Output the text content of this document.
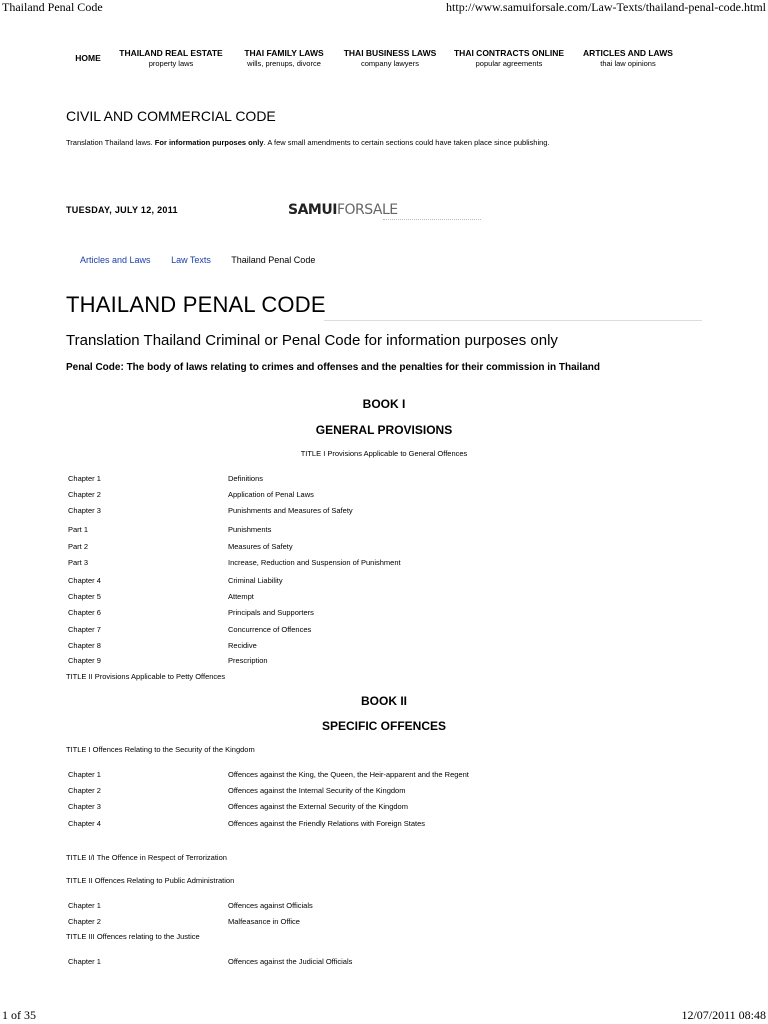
Thailand Penal Code	http://www.samuiforsale.com/Law-Texts/thailand-penal-code.html
HOME	THAILAND REAL ESTATE
property laws
THAI FAMILY LAWS
wills, prenups, divorce
THAI BUSINESS LAWS
company lawyers
THAI CONTRACTS ONLINE
popular agreements
ARTICLES AND LAWS
thai law opinions
CIVIL AND COMMERCIAL CODE
Translation Thailand laws. For information purposes only. A few small amendments to certain sections could have taken place since publishing.
TUESDAY, JULY 12, 2011	SAMUIFORSALE
Articles and Laws Law Texts Thailand Penal Code
THAILAND PENAL CODE
Translation Thailand Criminal or Penal Code for information purposes only
Penal Code: The body of laws relating to crimes and offenses and the penalties for their commission in Thailand
BOOK I
GENERAL PROVISIONS
TITLE I Provisions Applicable to General Offences
Chapter 1	Definitions
Chapter 2	Application of Penal Laws
Chapter 3	Punishments and Measures of Safety
Part 1	Punishments
Part 2	Measures of Safety
Part 3	Increase, Reduction and Suspension of Punishment
Chapter 4	Criminal Liability
Chapter 5	Attempt
Chapter 6	Principals and Supporters
Chapter 7	Concurrence of Offences
Chapter 8	Recidive
Chapter 9	Prescription
TITLE II Provisions Applicable to Petty Offences
BOOK II
SPECIFIC OFFENCES
TITLE I Offences Relating to the Security of the Kingdom
Chapter 1	Offences against the King, the Queen, the Heir-apparent and the Regent
Chapter 2	Offences against the Internal Security of the Kingdom
Chapter 3	Offences against the External Security of the Kingdom
Chapter 4	Offences against the Friendly Relations with Foreign States
TITLE I/I The Offence in Respect of Terrorization
TITLE II Offences Relating to Public Administration
Chapter 1	Offences against Officials
Chapter 2	Malfeasance in Office
TITLE III Offences relating to the Justice
Chapter 1	Offences against the Judicial Officials
1 of 35	12/07/2011 08:48
